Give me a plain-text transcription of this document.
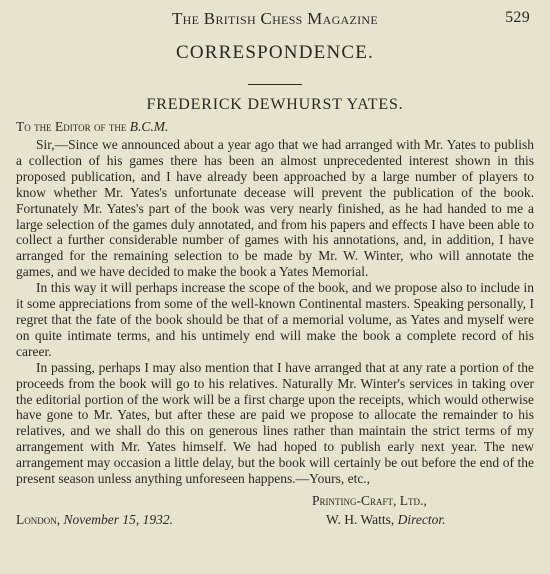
The British Chess Magazine	529
CORRESPONDENCE.
FREDERICK DEWHURST YATES.
To the Editor of the B.C.M.

Sir,—Since we announced about a year ago that we had arranged with Mr. Yates to publish a collection of his games there has been an almost unprecedented interest shown in this proposed publication, and I have already been approached by a large number of players to know whether Mr. Yates's unfortunate decease will prevent the publication of the book. Fortunately Mr. Yates's part of the book was very nearly finished, as he had handed to me a large selection of the games duly annotated, and from his papers and effects I have been able to collect a further considerable number of games with his annotations, and, in addition, I have arranged for the remaining selection to be made by Mr. W. Winter, who will annotate the games, and we have decided to make the book a Yates Memorial.

In this way it will perhaps increase the scope of the book, and we propose also to include in it some appreciations from some of the well-known Continental masters. Speaking personally, I regret that the fate of the book should be that of a memorial volume, as Yates and myself were on quite intimate terms, and his untimely end will make the book a complete record of his career.

In passing, perhaps I may also mention that I have arranged that at any rate a portion of the proceeds from the book will go to his relatives. Naturally Mr. Winter's services in taking over the editorial portion of the work will be a first charge upon the receipts, which would otherwise have gone to Mr. Yates, but after these are paid we propose to allocate the remainder to his relatives, and we shall do this on generous lines rather than maintain the strict terms of my arrangement with Mr. Yates himself. We had hoped to publish early next year. The new arrangement may occasion a little delay, but the book will certainly be out before the end of the present season unless anything unforeseen happens.—Yours, etc.,

Printing-Craft, Ltd.,
London, November 15, 1932.	W. H. Watts, Director.
